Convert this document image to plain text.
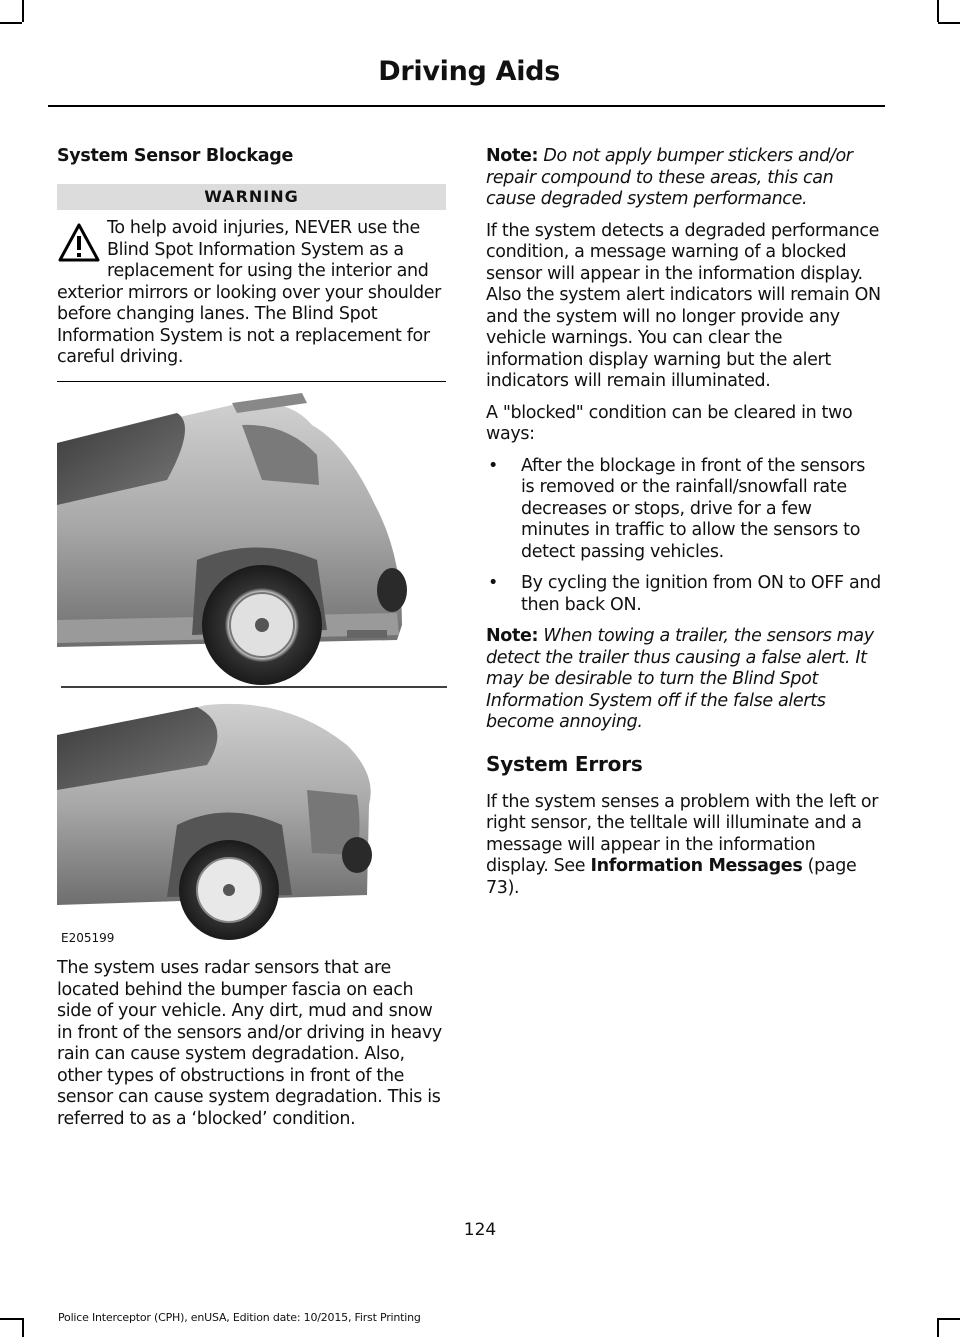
Driving Aids
System Sensor Blockage
WARNING
To help avoid injuries, NEVER use the Blind Spot Information System as a replacement for using the interior and exterior mirrors or looking over your shoulder before changing lanes. The Blind Spot Information System is not a replacement for careful driving.
E205199

The system uses radar sensors that are located behind the bumper fascia on each side of your vehicle. Any dirt, mud and snow in front of the sensors and/or driving in heavy rain can cause system degradation. Also, other types of obstructions in front of the sensor can cause system degradation. This is referred to as a ‘blocked’ condition.

Note: Do not apply bumper stickers and/or repair compound to these areas, this can cause degraded system performance.

If the system detects a degraded performance condition, a message warning of a blocked sensor will appear in the information display. Also the system alert indicators will remain ON and the system will no longer provide any vehicle warnings. You can clear the information display warning but the alert indicators will remain illuminated.

A "blocked" condition can be cleared in two ways:

• After the blockage in front of the sensors is removed or the rainfall/snowfall rate decreases or stops, drive for a few minutes in traffic to allow the sensors to detect passing vehicles.
• By cycling the ignition from ON to OFF and then back ON.

Note: When towing a trailer, the sensors may detect the trailer thus causing a false alert. It may be desirable to turn the Blind Spot Information System off if the false alerts become annoying.

System Errors

If the system senses a problem with the left or right sensor, the telltale will illuminate and a message will appear in the information display. See Information Messages (page 73).

124
Police Interceptor (CPH), enUSA, Edition date: 10/2015, First Printing
